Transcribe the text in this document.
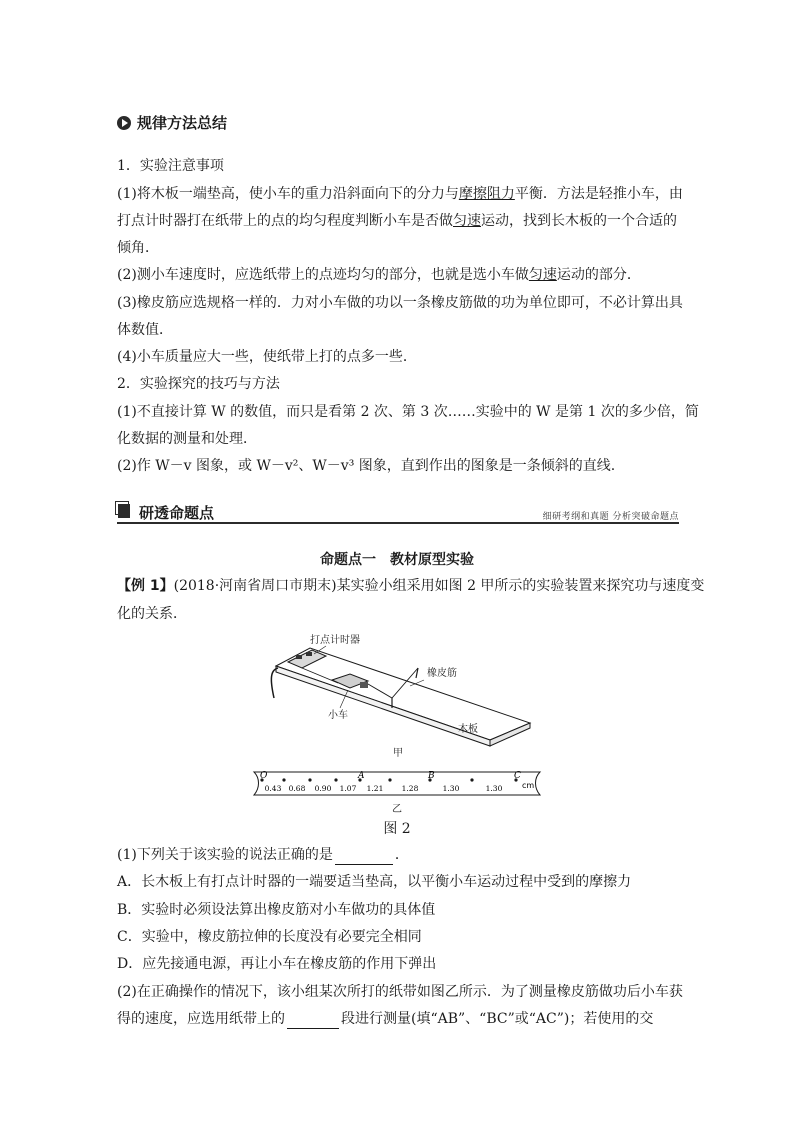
规律方法总结
1．实验注意事项
(1)将木板一端垫高，使小车的重力沿斜面向下的分力与摩擦阻力平衡．方法是轻推小车，由
打点计时器打在纸带上的点的均匀程度判断小车是否做匀速运动，找到长木板的一个合适的
倾角．
(2)测小车速度时，应选纸带上的点迹均匀的部分，也就是选小车做匀速运动的部分．
(3)橡皮筋应选规格一样的．力对小车做的功以一条橡皮筋做的功为单位即可，不必计算出具
体数值．
(4)小车质量应大一些，使纸带上打的点多一些．
2．实验探究的技巧与方法
(1)不直接计算 W 的数值，而只是看第 2 次、第 3 次……实验中的 W 是第 1 次的多少倍，简
化数据的测量和处理．
(2)作 W－v 图象，或 W－v²、W－v³ 图象，直到作出的图象是一条倾斜的直线.
研透命题点	细研考纲和真题 分析突破命题点
命题点一　教材原型实验
【例 1】(2018·河南省周口市期末)某实验小组采用如图 2 甲所示的实验装置来探究功与速度变
化的关系．
打点计时器
橡皮筋
小车
木板
甲
O	A	B	C
0.43 0.68 0.90 1.07 1.21 1.28	1.30	1.30 cm
乙
图 2
(1)下列关于该实验的说法正确的是	．
A．长木板上有打点计时器的一端要适当垫高，以平衡小车运动过程中受到的摩擦力
B．实验时必须设法算出橡皮筋对小车做功的具体值
C．实验中，橡皮筋拉伸的长度没有必要完全相同
D．应先接通电源，再让小车在橡皮筋的作用下弹出
(2)在正确操作的情况下，该小组某次所打的纸带如图乙所示．为了测量橡皮筋做功后小车获
得的速度，应选用纸带上的	段进行测量(填“AB”、“BC”或“AC”)；若使用的交
